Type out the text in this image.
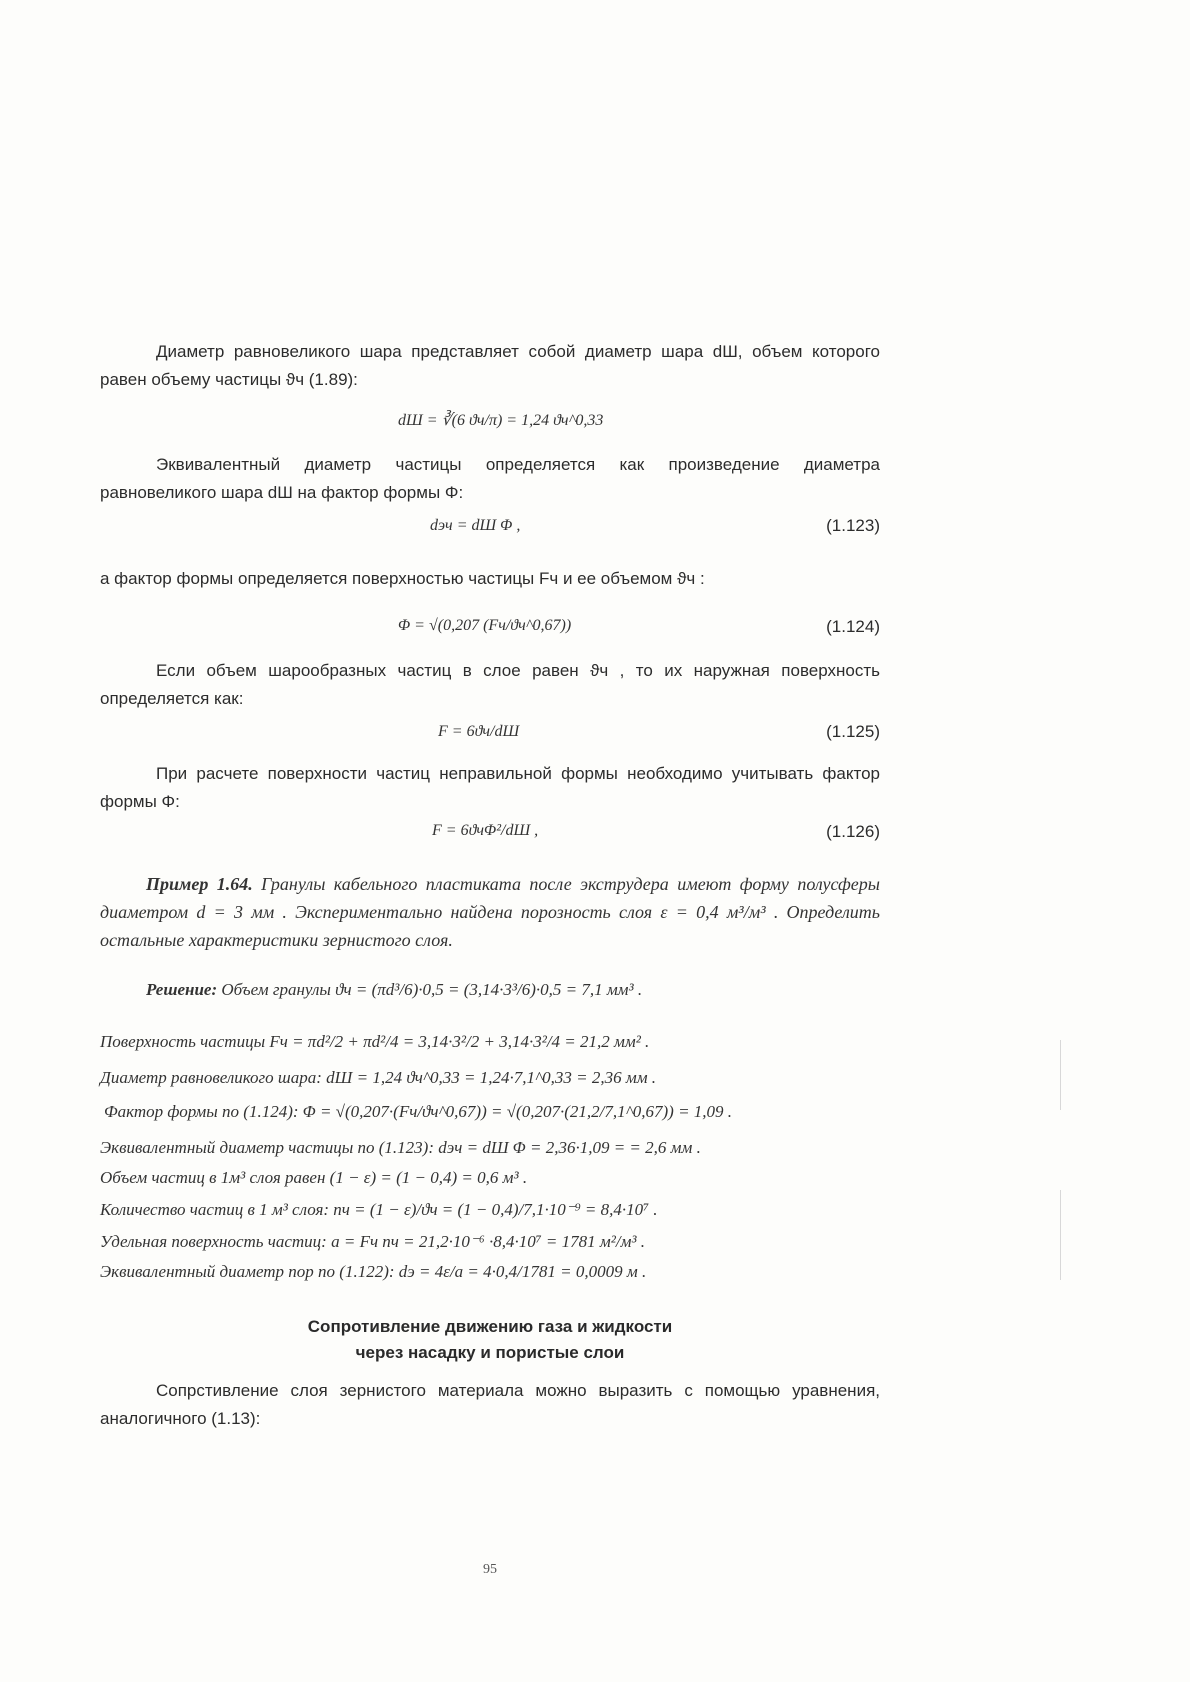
Диаметр равновеликого шара представляет собой диаметр шара dШ, объем которого равен объему частицы ϑч (1.89):

dШ = ∛(6 ϑч/π) = 1,24 ϑч^0,33

Эквивалентный диаметр частицы определяется как произведение диаметра равновеликого шара dШ на фактор формы Φ:

dэч = dШ Φ ,	(1.123)

а фактор формы определяется поверхностью частицы Fч и ее объемом ϑч :

Φ = √(0,207 (Fч/ϑч^0,67))	(1.124)

Если объем шарообразных частиц в слое равен ϑч , то их наружная поверхность определяется как:

F = 6ϑч/dШ	(1.125)

При расчете поверхности частиц неправильной формы необходимо учитывать фактор формы Φ:

F = 6ϑчΦ²/dШ ,	(1.126)

Пример 1.64. Гранулы кабельного пластиката после экструдера имеют форму полусферы диаметром d = 3 мм . Экспериментально найдена порозность слоя ε = 0,4 м³/м³ . Определить остальные характеристики зернистого слоя.

Решение: Объем гранулы ϑч = (πd³/6)·0,5 = (3,14·3³/6)·0,5 = 7,1 мм³ .
Поверхность частицы Fч = πd²/2 + πd²/4 = 3,14·3²/2 + 3,14·3²/4 = 21,2 мм² .
Диаметр равновеликого шара: dШ = 1,24 ϑч^0,33 = 1,24·7,1^0,33 = 2,36 мм .
Фактор формы по (1.124): Φ = √(0,207·(Fч/ϑч^0,67)) = √(0,207·(21,2/7,1^0,67)) = 1,09 .
Эквивалентный диаметр частицы по (1.123): dэч = dШ Φ = 2,36·1,09 = = 2,6 мм .
Объем частиц в 1м³ слоя равен (1 − ε) = (1 − 0,4) = 0,6 м³ .
Количество частиц в 1 м³ слоя: nч = (1 − ε)/ϑч = (1 − 0,4)/7,1·10⁻⁹ = 8,4·10⁷ .
Удельная поверхность частиц: a = Fч nч = 21,2·10⁻⁶ ·8,4·10⁷ = 1781 м²/м³ .
Эквивалентный диаметр пор по (1.122): dэ = 4ε/a = 4·0,4/1781 = 0,0009 м .
Сопротивление движению газа и жидкости
через насадку и пористые слои

Сопрстивление слоя зернистого материала можно выразить с помощью уравнения, аналогичного (1.13):

95
